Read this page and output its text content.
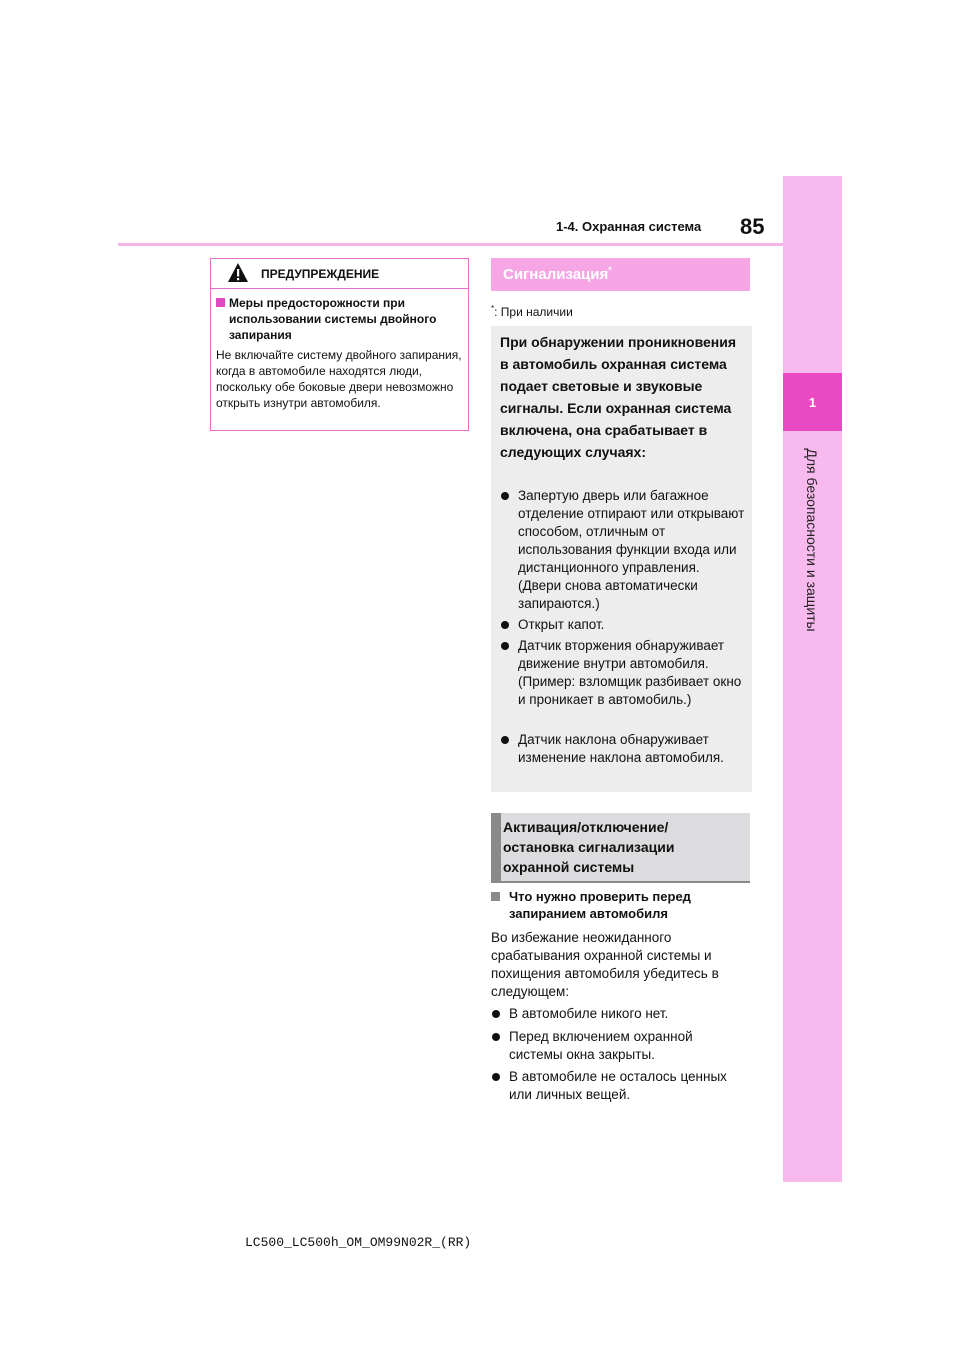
1
Для безопасности и защиты
85
1-4. Охранная система
ПРЕДУПРЕЖДЕНИЕ
Меры предосторожности при использовании системы двойного запирания
Не включайте систему двойного запирания, когда в автомобиле находятся люди, поскольку обе боковые двери невозможно открыть изнутри автомобиля.
Сигнализация*
*: При наличии
При обнаружении проникновения в автомобиль охранная система подает световые и звуковые сигналы. Если охранная система включена, она срабатывает в следующих случаях:
Запертую дверь или багажное отделение отпирают или открывают способом, отличным от использования функции входа или дистанционного управления. (Двери снова автоматически запираются.)
Открыт капот.
Датчик вторжения обнаруживает движение внутри автомобиля. (Пример: взломщик разбивает окно и проникает в автомобиль.)
Датчик наклона обнаруживает изменение наклона автомобиля.
Активация/отключение/ остановка сигнализации охранной системы
Что нужно проверить перед запиранием автомобиля
Во избежание неожиданного срабатывания охранной системы и похищения автомобиля убедитесь в следующем:
В автомобиле никого нет.
Перед включением охранной системы окна закрыты.
В автомобиле не осталось ценных или личных вещей.
LC500_LC500h_OM_OM99N02R_(RR)
